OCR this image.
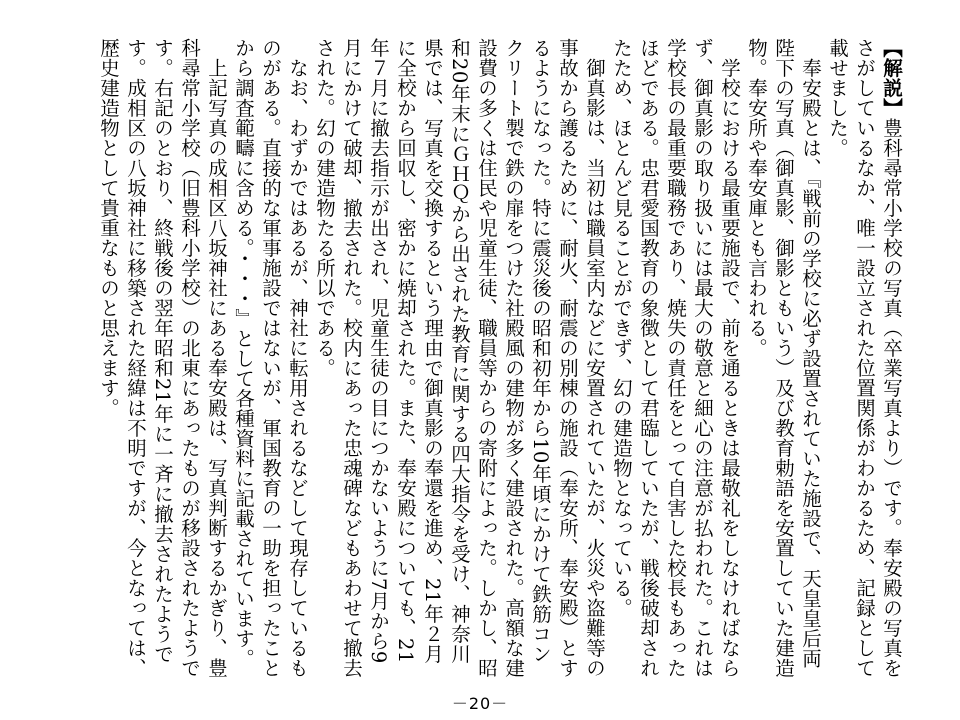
【解説】豊科尋常小学校の写真（卒業写真より）です。奉安殿の写真をさがしているなか、唯一設立された位置関係がわかるため、記録として載せました。

奉安殿とは、『戦前の学校に必ず設置されていた施設で、天皇皇后両陛下の写真（御真影、御影ともいう）及び教育勅語を安置していた建造物。奉安所や奉安庫とも言われる。

学校における最重要施設で、前を通るときは最敬礼をしなければならず、御真影の取り扱いには最大の敬意と細心の注意が払われた。これは学校長の最重要職務であり、焼失の責任をとって自害した校長もあったほどである。忠君愛国教育の象徴として君臨していたが、戦後破却されたため、ほとんど見ることができず、幻の建造物となっている。

御真影は、当初は職員室内などに安置されていたが、火災や盗難等の事故から護るために、耐火、耐震の別棟の施設（奉安所、奉安殿）とするようになった。特に震災後の昭和初年から10年頃にかけて鉄筋コンクリート製で鉄の扉をつけた社殿風の建物が多く建設された。高額な建設費の多くは住民や児童生徒、職員等からの寄附によった。しかし、昭和20年末にＧＨＱから出された教育に関する四大指令を受け、神奈川県では、写真を交換するという理由で御真影の奉還を進め、21年２月に全校から回収し、密かに焼却された。また、奉安殿についても、21年７月に撤去指示が出され、児童生徒の目につかないように7月から9月にかけて破却、撤去された。校内にあった忠魂碑などもあわせて撤去された。幻の建造物たる所以である。

なお、わずかではあるが、神社に転用されるなどして現存しているものがある。直接的な軍事施設ではないが、軍国教育の一助を担ったことから調査範疇に含める。・・・』として各種資料に記載されています。

上記写真の成相区八坂神社にある奉安殿は、写真判断するかぎり、豊科尋常小学校（旧豊科小学校）の北東にあったものが移設されたようです。右記のとおり、終戦後の翌年昭和21年に一斉に撤去されたようです。成相区の八坂神社に移築された経緯は不明ですが、今となっては、歴史建造物として貴重なものと思えます。

－20－
